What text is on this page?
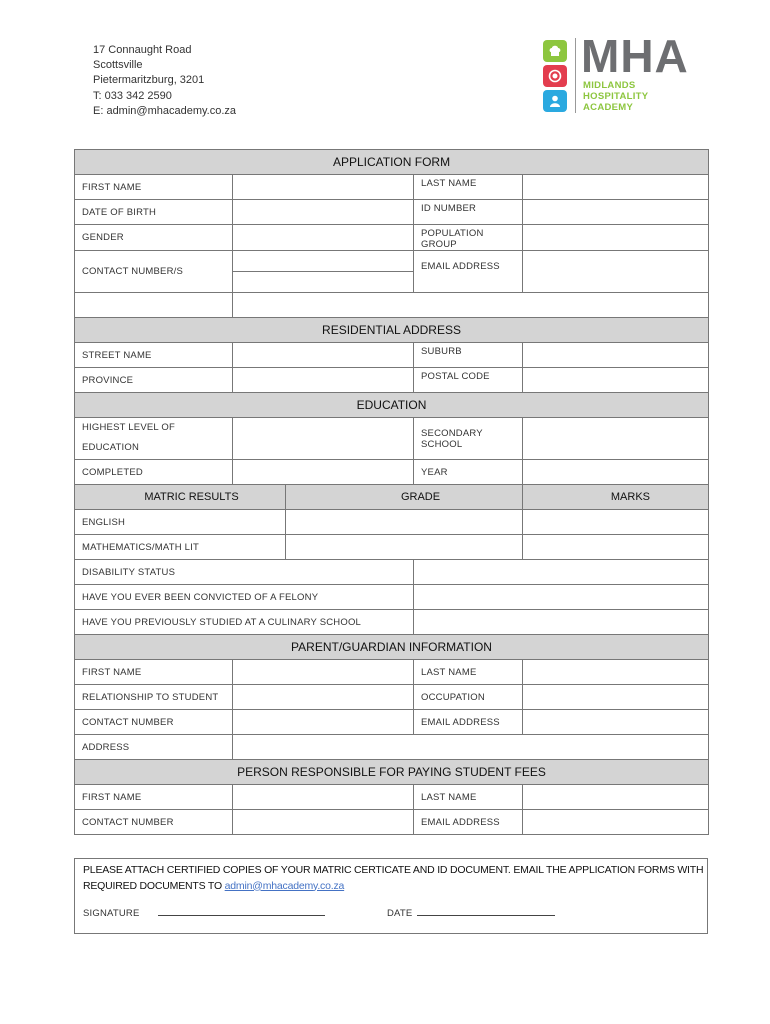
17 Connaught Road
Scottsville
Pietermaritzburg, 3201
T: 033 342 2590
E: admin@mhacademy.co.za
MHA
MIDLANDS
HOSPITALITY
ACADEMY
APPLICATION FORM				
FIRST NAME			LAST NAME	
DATE OF BIRTH			ID NUMBER	
GENDER			POPULATION GROUP	
CONTACT NUMBER/S			EMAIL ADDRESS	

RESIDENTIAL ADDRESS				
STREET NAME			SUBURB	
PROVINCE			POSTAL CODE	
EDUCATION				
HIGHEST LEVEL OF EDUCATION			SECONDARY SCHOOL	
COMPLETED			YEAR	
MATRIC RESULTS		GRADE		MARKS
ENGLISH				
MATHEMATICS/MATH LIT				
DISABILITY STATUS				
HAVE YOU EVER BEEN CONVICTED OF A FELONY				
HAVE YOU PREVIOUSLY STUDIED AT A CULINARY SCHOOL				
PARENT/GUARDIAN INFORMATION				
FIRST NAME			LAST NAME	
RELATIONSHIP TO STUDENT			OCCUPATION	
CONTACT NUMBER			EMAIL ADDRESS	
ADDRESS				
PERSON RESPONSIBLE FOR PAYING STUDENT FEES				
FIRST NAME			LAST NAME	
CONTACT NUMBER			EMAIL ADDRESS	
PLEASE ATTACH CERTIFIED COPIES OF YOUR MATRIC CERTICATE AND ID DOCUMENT. EMAIL THE APPLICATION FORMS WITH
REQUIRED DOCUMENTS TO admin@mhacademy.co.za
SIGNATURE	DATE
